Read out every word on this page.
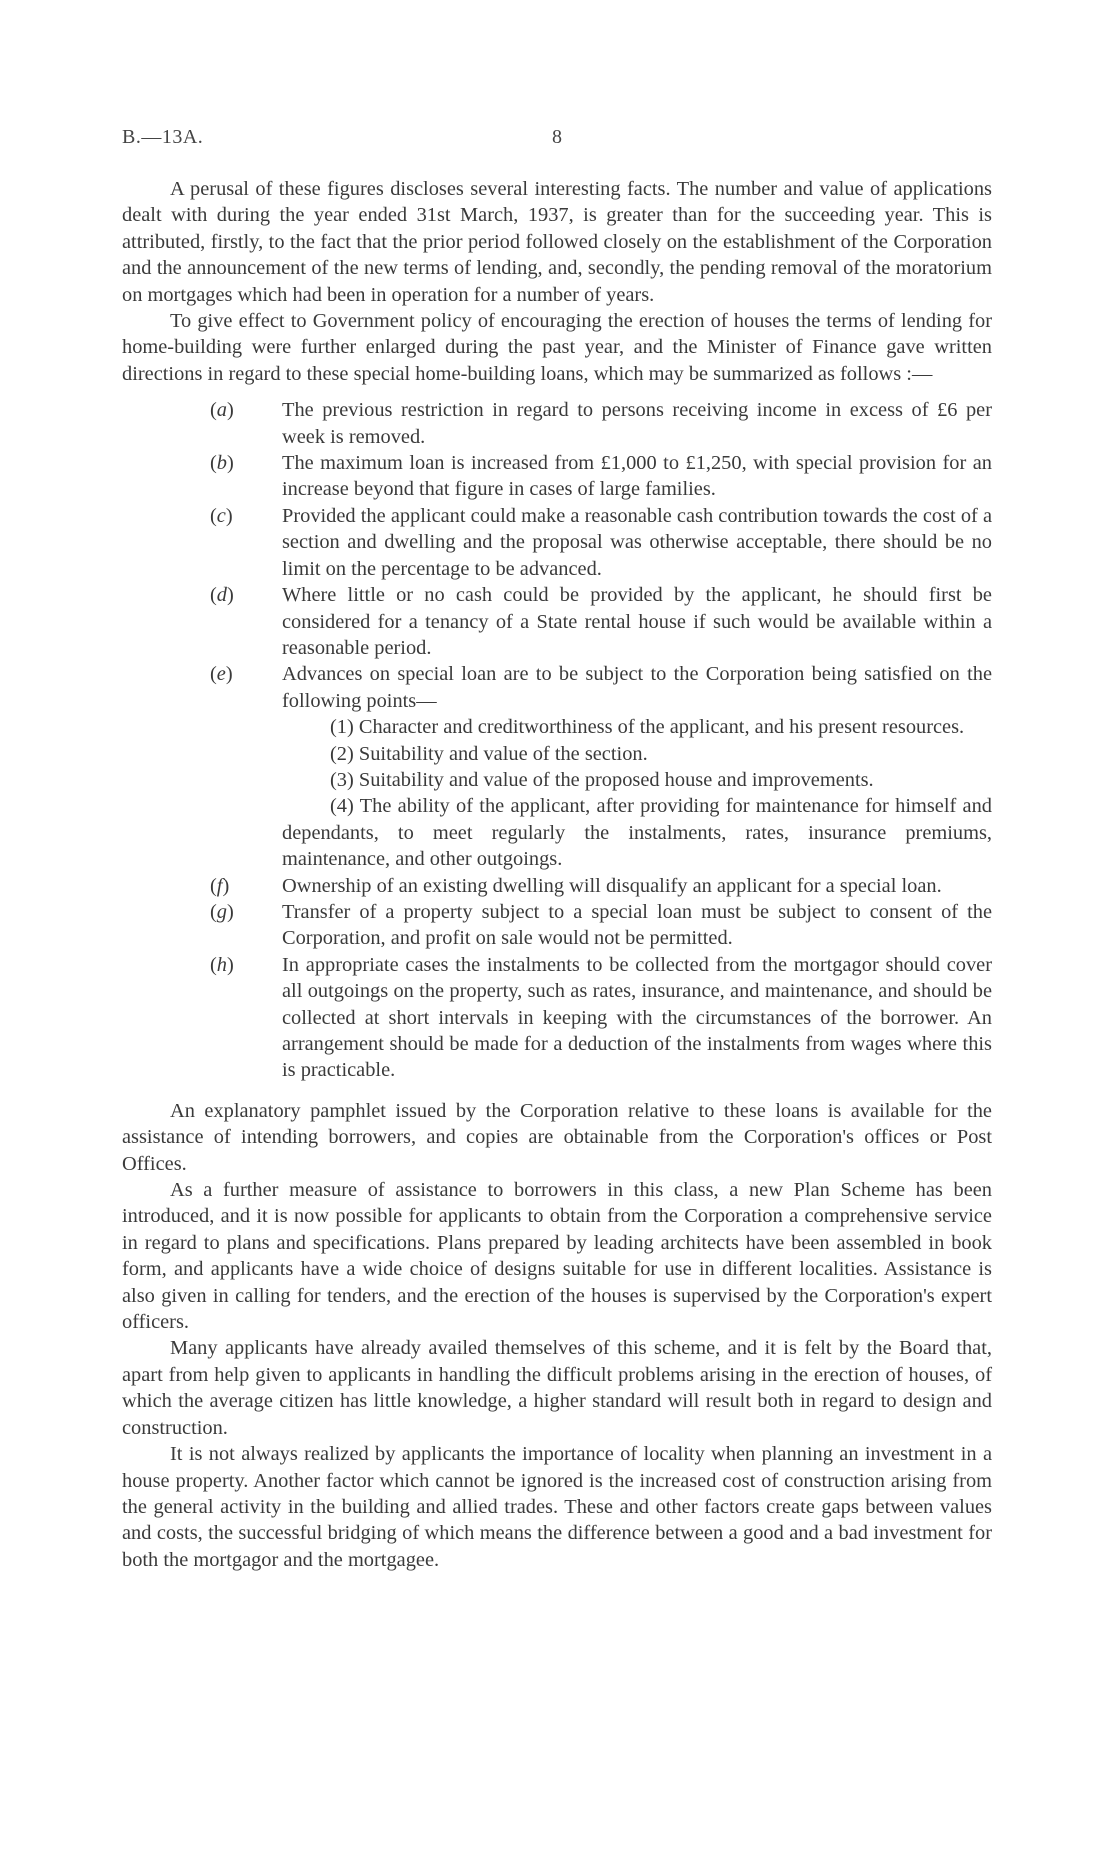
B.—13A.	8

A perusal of these figures discloses several interesting facts. The number and value of applications dealt with during the year ended 31st March, 1937, is greater than for the succeeding year. This is attributed, firstly, to the fact that the prior period followed closely on the establishment of the Corporation and the announcement of the new terms of lending, and, secondly, the pending removal of the moratorium on mortgages which had been in operation for a number of years.

To give effect to Government policy of encouraging the erection of houses the terms of lending for home-building were further enlarged during the past year, and the Minister of Finance gave written directions in regard to these special home-building loans, which may be summarized as follows :—

(a) The previous restriction in regard to persons receiving income in excess of £6 per week is removed.
(b) The maximum loan is increased from £1,000 to £1,250, with special provision for an increase beyond that figure in cases of large families.
(c) Provided the applicant could make a reasonable cash contribution towards the cost of a section and dwelling and the proposal was otherwise acceptable, there should be no limit on the percentage to be advanced.
(d) Where little or no cash could be provided by the applicant, he should first be considered for a tenancy of a State rental house if such would be available within a reasonable period.
(e) Advances on special loan are to be subject to the Corporation being satisfied on the following points—
(1) Character and creditworthiness of the applicant, and his present resources.
(2) Suitability and value of the section.
(3) Suitability and value of the proposed house and improvements.
(4) The ability of the applicant, after providing for maintenance for himself and dependants, to meet regularly the instalments, rates, insurance premiums, maintenance, and other outgoings.
(f)	Ownership of an existing dwelling will disqualify an applicant for a special loan.
(g) Transfer of a property subject to a special loan must be subject to consent of the Corporation, and profit on sale would not be permitted.
(h) In appropriate cases the instalments to be collected from the mortgagor should cover all outgoings on the property, such as rates, insurance, and maintenance, and should be collected at short intervals in keeping with the circumstances of the borrower. An arrangement should be made for a deduction of the instalments from wages where this is practicable.

An explanatory pamphlet issued by the Corporation relative to these loans is available for the assistance of intending borrowers, and copies are obtainable from the Corporation's offices or Post Offices.

As a further measure of assistance to borrowers in this class, a new Plan Scheme has been introduced, and it is now possible for applicants to obtain from the Corporation a comprehensive service in regard to plans and specifications. Plans prepared by leading architects have been assembled in book form, and applicants have a wide choice of designs suitable for use in different localities. Assistance is also given in calling for tenders, and the erection of the houses is supervised by the Corporation's expert officers.

Many applicants have already availed themselves of this scheme, and it is felt by the Board that, apart from help given to applicants in handling the difficult problems arising in the erection of houses, of which the average citizen has little knowledge, a higher standard will result both in regard to design and construction.

It is not always realized by applicants the importance of locality when planning an investment in a house property. Another factor which cannot be ignored is the increased cost of construction arising from the general activity in the building and allied trades. These and other factors create gaps between values and costs, the successful bridging of which means the difference between a good and a bad investment for both the mortgagor and the mortgagee.
